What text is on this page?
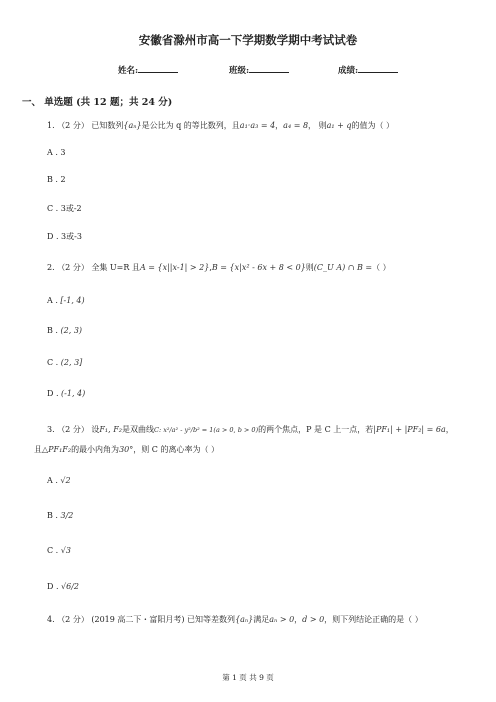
安徽省滁州市高一下学期数学期中考试试卷
姓名:	班级:	成绩:
一、 单选题 (共 12 题；共 24 分)
1. （2 分） 已知数列{aₙ}是公比为 q 的等比数列，且a₁·a₃ = 4，a₄ = 8， 则a₁ + q的值为（ ）
A . 3
B . 2
C . 3或-2
D . 3或-3
2. （2 分） 全集 U=R 且A = {x||x-1| > 2},B = {x|x² - 6x + 8 < 0}则(C_U A) ∩ B =（ ）
A . [-1, 4)
B . (2, 3)
C . (2, 3]
D . (-1, 4)
3. （2 分） 设F₁, F₂是双曲线C: x²/a² - y²/b² = 1(a > 0, b > 0)的两个焦点，P 是 C 上一点，若|PF₁| + |PF₂| = 6a，
且△PF₁F₂的最小内角为30°，则 C 的离心率为（ ）
A . √2
B . 3/2
C . √3
D . √6/2
4. （2 分） (2019 高二下・富阳月考) 已知等差数列{aₙ}满足aₙ > 0，d > 0，则下列结论正确的是（ ）
第 1 页 共 9 页
